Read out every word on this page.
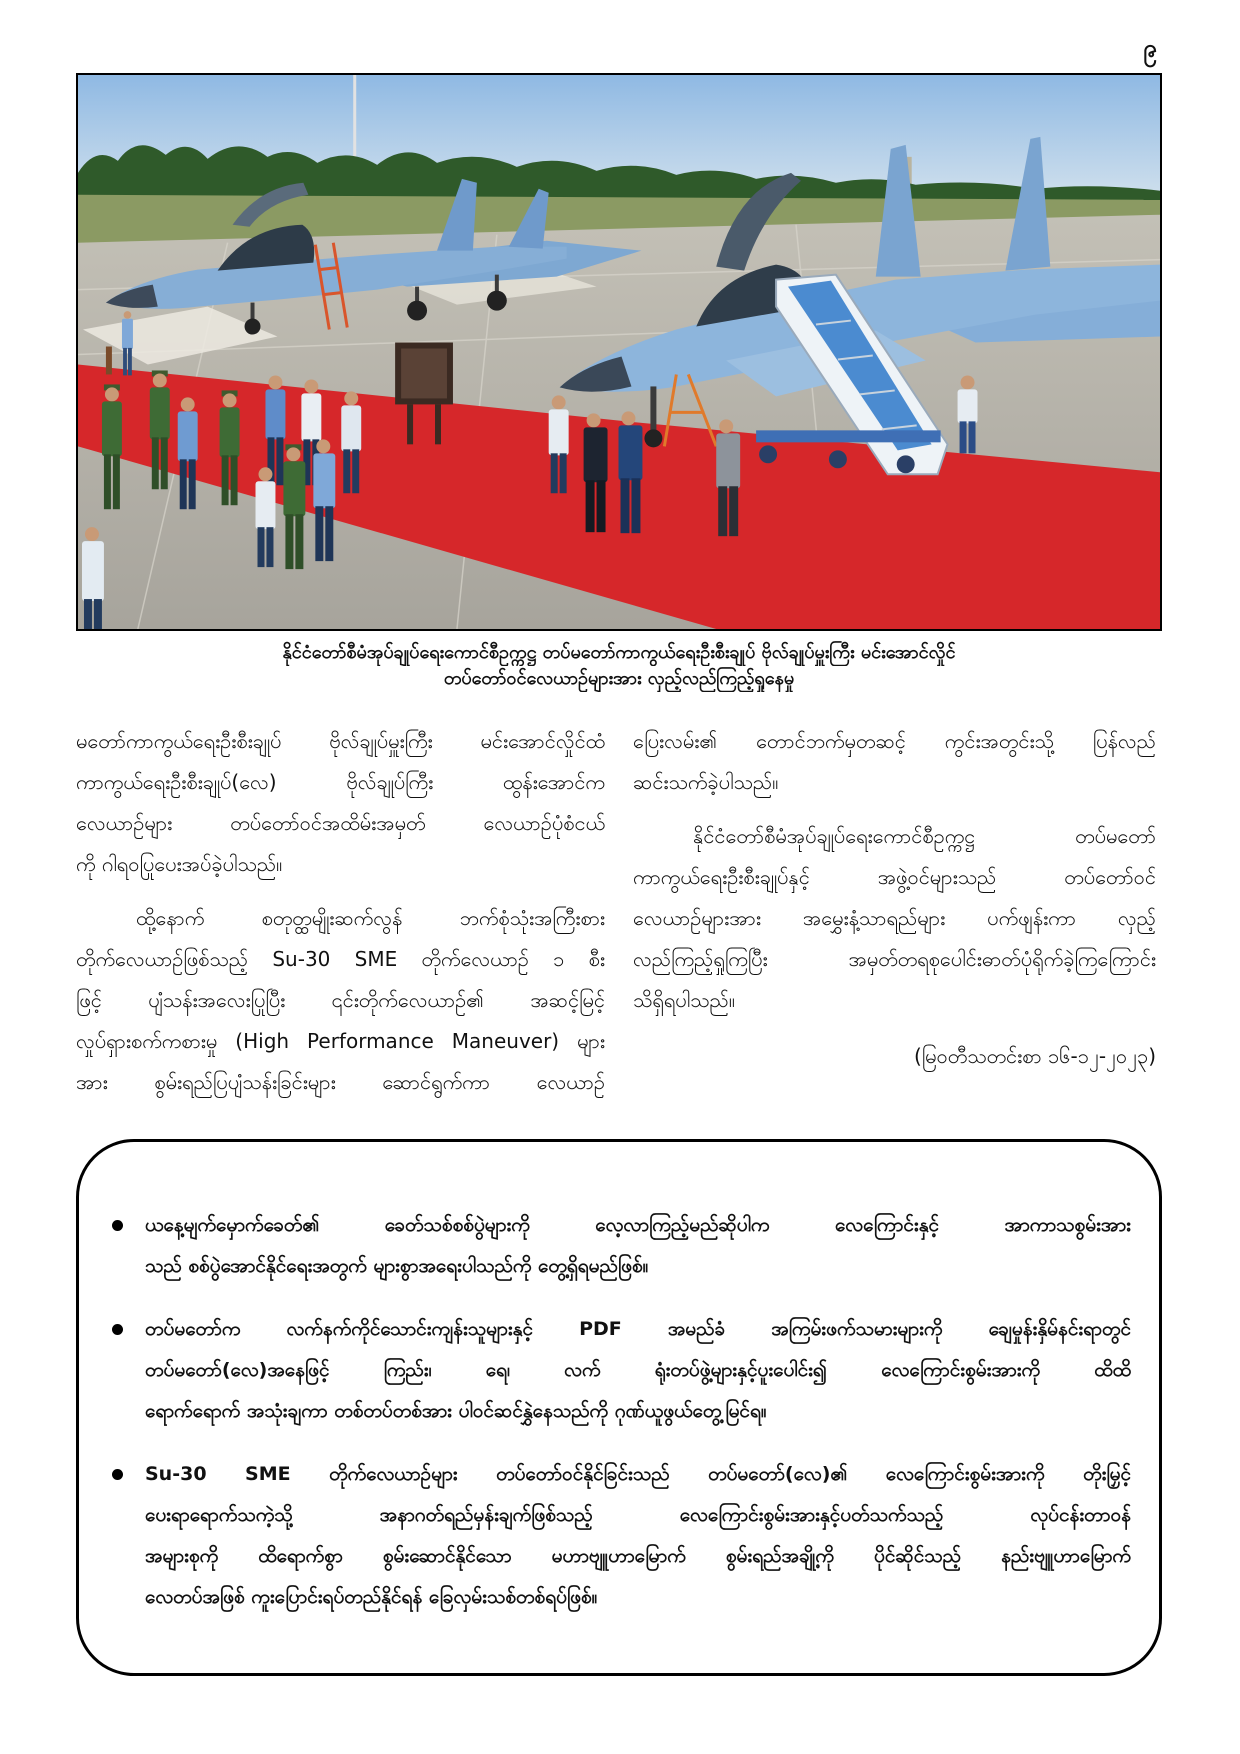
၉
နိုင်ငံတော်စီမံအုပ်ချုပ်ရေးကောင်စီဥက္ကဋ္ဌ တပ်မတော်ကာကွယ်ရေးဦးစီးချုပ် ဗိုလ်ချုပ်မှူးကြီး မင်းအောင်လှိုင်
တပ်တော်ဝင်လေယာဉ်များအား လှည့်လည်ကြည့်ရှုနေမှု
မတော်ကာကွယ်ရေးဦးစီးချုပ် ဗိုလ်ချုပ်မှူးကြီး မင်းအောင်လှိုင်ထံ
ကာကွယ်ရေးဦးစီးချုပ်(လေ) ဗိုလ်ချုပ်ကြီး ထွန်းအောင်က
လေယာဉ်များ တပ်တော်ဝင်အထိမ်းအမှတ် လေယာဉ်ပုံစံငယ်
ကို ဂါရဝပြုပေးအပ်ခဲ့ပါသည်။
ထို့နောက် စတုတ္ထမျိုးဆက်လွန် ဘက်စုံသုံးအကြီးစား
တိုက်လေယာဉ်ဖြစ်သည့် Su-30 SME တိုက်လေယာဉ် ၁ စီး
ဖြင့် ပျံသန်းအလေးပြုပြီး ၎င်းတိုက်လေယာဉ်၏ အဆင့်မြင့်
လှုပ်ရှားစက်ကစားမှု (High Performance Maneuver) များ
အား စွမ်းရည်ပြပျံသန်းခြင်းများ ဆောင်ရွက်ကာ လေယာဉ်
ပြေးလမ်း၏ တောင်ဘက်မှတဆင့် ကွင်းအတွင်းသို့ ပြန်လည်
ဆင်းသက်ခဲ့ပါသည်။
နိုင်ငံတော်စီမံအုပ်ချုပ်ရေးကောင်စီဥက္ကဋ္ဌ တပ်မတော်
ကာကွယ်ရေးဦးစီးချုပ်နှင့် အဖွဲ့ဝင်များသည် တပ်တော်ဝင်
လေယာဉ်များအား အမွှေးနံ့သာရည်များ ပက်ဖျန်းကာ လှည့်
လည်ကြည့်ရှုကြပြီး အမှတ်တရစုပေါင်းဓာတ်ပုံရိုက်ခဲ့ကြကြောင်း
သိရှိရပါသည်။
(မြဝတီသတင်းစာ ၁၆-၁၂-၂၀၂၃)
ယနေ့မျက်မှောက်ခေတ်၏ ခေတ်သစ်စစ်ပွဲများကို လေ့လာကြည့်မည်ဆိုပါက လေကြောင်းနှင့် အာကာသစွမ်းအား
သည် စစ်ပွဲအောင်နိုင်ရေးအတွက် များစွာအရေးပါသည်ကို တွေ့ရှိရမည်ဖြစ်။
တပ်မတော်က လက်နက်ကိုင်သောင်းကျန်းသူများနှင့် PDF အမည်ခံ အကြမ်းဖက်သမားများကို ချေမှုန်းနှိမ်နင်းရာတွင်
တပ်မတော်(လေ)အနေဖြင့် ကြည်း၊ ရေ၊ လက် ရုံးတပ်ဖွဲ့များနှင့်ပူးပေါင်း၍ လေကြောင်းစွမ်းအားကို ထိထိ
ရောက်ရောက် အသုံးချကာ တစ်တပ်တစ်အား ပါဝင်ဆင်နွှဲနေသည်ကို ဂုဏ်ယူဖွယ်တွေ့မြင်ရ။
Su-30 SME တိုက်လေယာဉ်များ တပ်တော်ဝင်နိုင်ခြင်းသည် တပ်မတော်(လေ)၏ လေကြောင်းစွမ်းအားကို တိုးမြှင့်
ပေးရာရောက်သကဲ့သို့ အနာဂတ်ရည်မှန်းချက်ဖြစ်သည့် လေကြောင်းစွမ်းအားနှင့်ပတ်သက်သည့် လုပ်ငန်းတာဝန်
အများစုကို ထိရောက်စွာ စွမ်းဆောင်နိုင်သော မဟာဗျူဟာမြောက် စွမ်းရည်အချို့ကို ပိုင်ဆိုင်သည့် နည်းဗျူဟာမြောက်
လေတပ်အဖြစ် ကူးပြောင်းရပ်တည်နိုင်ရန် ခြေလှမ်းသစ်တစ်ရပ်ဖြစ်။
